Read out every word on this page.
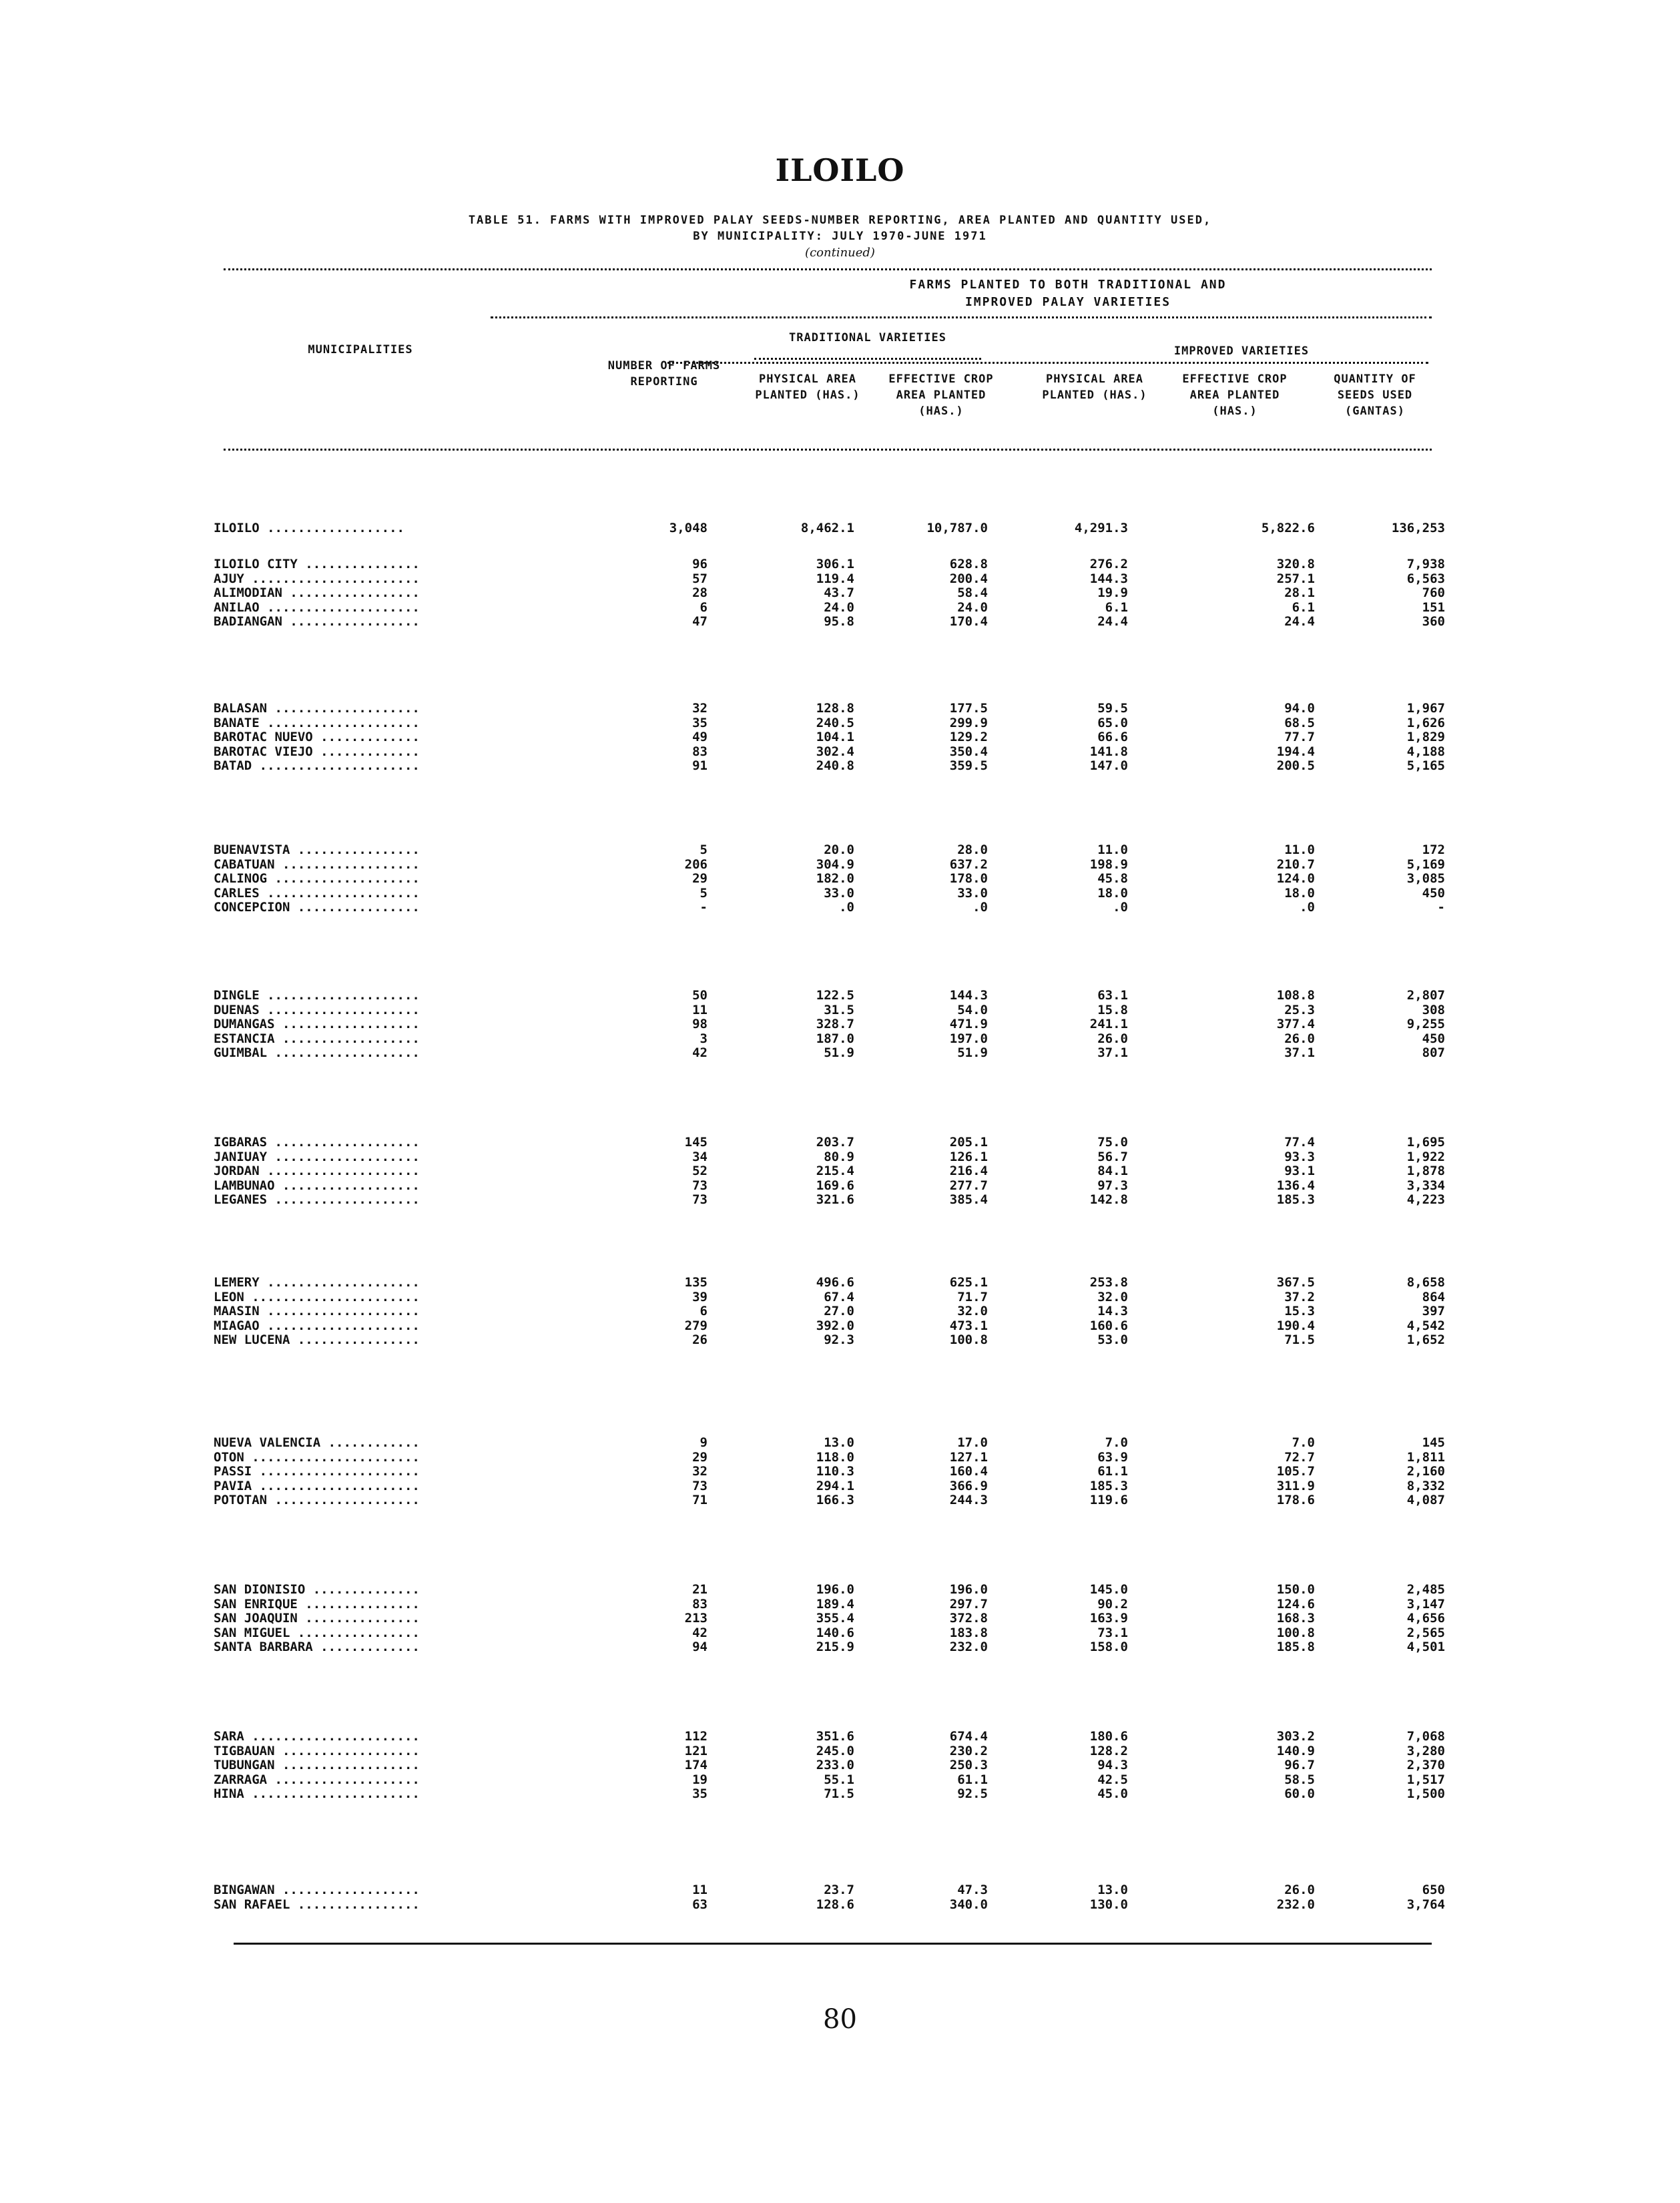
ILOILO
TABLE 51. FARMS WITH IMPROVED PALAY SEEDS-NUMBER REPORTING, AREA PLANTED AND QUANTITY USED,
BY MUNICIPALITY: JULY 1970-JUNE 1971
(continued)
FARMS PLANTED TO BOTH TRADITIONAL AND
IMPROVED PALAY VARIETIES
MUNICIPALITIES
TRADITIONAL VARIETIES
IMPROVED VARIETIES
NUMBER OF FARMS REPORTING	PHYSICAL AREA PLANTED (HAS.)
EFFECTIVE CROP AREA PLANTED (HAS.)
PHYSICAL AREA PLANTED (HAS.)
EFFECTIVE CROP AREA PLANTED (HAS.)
QUANTITY OF SEEDS USED (GANTAS)
ILOILO ..................	3,048	8,462.1	10,787.0	4,291.3	5,822.6	136,253
ILOILO CITY ...............	96	306.1	628.8	276.2	320.8	7,938
AJUY ......................	57	119.4	200.4	144.3	257.1	6,563
ALIMODIAN .................	28	43.7	58.4	19.9	28.1	760
ANILAO ....................	6	24.0	24.0	6.1	6.1	151
BADIANGAN .................	47	95.8	170.4	24.4	24.4	360
BALASAN ...................	32	128.8	177.5	59.5	94.0	1,967
BANATE ....................	35	240.5	299.9	65.0	68.5	1,626
BAROTAC NUEVO .............	49	104.1	129.2	66.6	77.7	1,829
BAROTAC VIEJO .............	83	302.4	350.4	141.8	194.4	4,188
BATAD .....................	91	240.8	359.5	147.0	200.5	5,165
BUENAVISTA ................	5	20.0	28.0	11.0	11.0	172
CABATUAN ..................	206	304.9	637.2	198.9	210.7	5,169
CALINOG ...................	29	182.0	178.0	45.8	124.0	3,085
CARLES ....................	5	33.0	33.0	18.0	18.0	450
CONCEPCION ................	-	.0	.0	.0	.0	-
DINGLE ....................	50	122.5	144.3	63.1	108.8	2,807
DUENAS ....................	11	31.5	54.0	15.8	25.3	308
DUMANGAS ..................	98	328.7	471.9	241.1	377.4	9,255
ESTANCIA ..................	3	187.0	197.0	26.0	26.0	450
GUIMBAL ...................	42	51.9	51.9	37.1	37.1	807
IGBARAS ...................	145	203.7	205.1	75.0	77.4	1,695
JANIUAY ...................	34	80.9	126.1	56.7	93.3	1,922
JORDAN ....................	52	215.4	216.4	84.1	93.1	1,878
LAMBUNAO ..................	73	169.6	277.7	97.3	136.4	3,334
LEGANES ...................	73	321.6	385.4	142.8	185.3	4,223
LEMERY ....................	135	496.6	625.1	253.8	367.5	8,658
LEON ......................	39	67.4	71.7	32.0	37.2	864
MAASIN ....................	6	27.0	32.0	14.3	15.3	397
MIAGAO ....................	279	392.0	473.1	160.6	190.4	4,542
NEW LUCENA ................	26	92.3	100.8	53.0	71.5	1,652
NUEVA VALENCIA ............	9	13.0	17.0	7.0	7.0	145
OTON ......................	29	118.0	127.1	63.9	72.7	1,811
PASSI .....................	32	110.3	160.4	61.1	105.7	2,160
PAVIA .....................	73	294.1	366.9	185.3	311.9	8,332
POTOTAN ...................	71	166.3	244.3	119.6	178.6	4,087
SAN DIONISIO ..............	21	196.0	196.0	145.0	150.0	2,485
SAN ENRIQUE ...............	83	189.4	297.7	90.2	124.6	3,147
SAN JOAQUIN ...............	213	355.4	372.8	163.9	168.3	4,656
SAN MIGUEL ................	42	140.6	183.8	73.1	100.8	2,565
SANTA BARBARA .............	94	215.9	232.0	158.0	185.8	4,501
SARA ......................	112	351.6	674.4	180.6	303.2	7,068
TIGBAUAN ..................	121	245.0	230.2	128.2	140.9	3,280
TUBUNGAN ..................	174	233.0	250.3	94.3	96.7	2,370
ZARRAGA ...................	19	55.1	61.1	42.5	58.5	1,517
HINA ......................	35	71.5	92.5	45.0	60.0	1,500
BINGAWAN ..................	11	23.7	47.3	13.0	26.0	650
SAN RAFAEL ................	63	128.6	340.0	130.0	232.0	3,764
80
